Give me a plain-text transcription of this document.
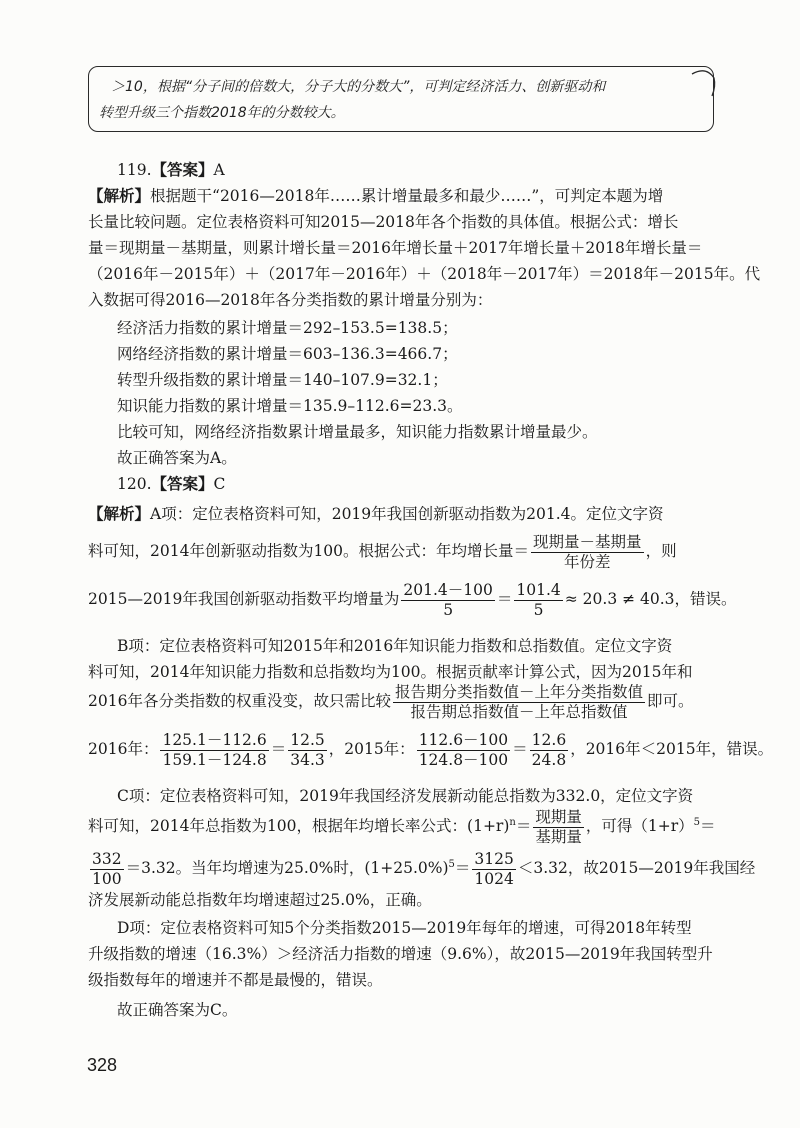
＞10，根据“分子间的倍数大，分子大的分数大”，可判定经济活力、创新驱动和
转型升级三个指数2018年的分数较大。
119.【答案】A
【解析】根据题干“2016—2018年……累计增量最多和最少……”，可判定本题为增
长量比较问题。定位表格资料可知2015—2018年各个指数的具体值。根据公式：增长
量＝现期量－基期量，则累计增长量＝2016年增长量＋2017年增长量＋2018年增长量＝
（2016年－2015年）＋（2017年－2016年）＋（2018年－2017年）＝2018年－2015年。代
入数据可得2016—2018年各分类指数的累计增量分别为：
经济活力指数的累计增量＝292–153.5=138.5；
网络经济指数的累计增量＝603–136.3=466.7；
转型升级指数的累计增量＝140–107.9=32.1；
知识能力指数的累计增量＝135.9–112.6=23.3。
比较可知，网络经济指数累计增量最多，知识能力指数累计增量最少。
故正确答案为A。
120.【答案】C
【解析】A项：定位表格资料可知，2019年我国创新驱动指数为201.4。定位文字资
料可知，2014年创新驱动指数为100。根据公式：年均增长量＝ $\frac{\text{现期量－基期量}}{\text{年份差}}$ ，则
2015—2019年我国创新驱动指数平均增量为 $\frac{201.4-100}{5} = \frac{101.4}{5} \approx 20.3 \ne 40.3$，错误。
B项：定位表格资料可知2015年和2016年知识能力指数和总指数值。定位文字资
料可知，2014年知识能力指数和总指数均为100。根据贡献率计算公式，因为2015年和
2016年各分类指数的权重没变，故只需比较 $\frac{\text{报告期分类指数值－上年分类指数值}}{\text{报告期总指数值－上年总指数值}}$ 即可。
2016年： $\frac{125.1-112.6}{159.1-124.8} = \frac{12.5}{34.3}$ ，2015年： $\frac{112.6-100}{124.8-100} = \frac{12.6}{24.8}$ ，2016年＜2015年，错误。
C项：定位表格资料可知，2019年我国经济发展新动能总指数为332.0，定位文字资
料可知，2014年总指数为100，根据年均增长率公式：$(1+r)^n= \frac{\text{现期量}}{\text{基期量}}$ ，可得$(1+r)^5=$
$\frac{332}{100} =3.32$。当年均增速为25.0%时，$(1+25.0\%)^5= \frac{3125}{1024} <3.32$，故2015—2019年我国经
济发展新动能总指数年均增速超过25.0%，正确。
D项：定位表格资料可知5个分类指数2015—2019年每年的增速，可得2018年转型
升级指数的增速（16.3%）＞经济活力指数的增速（9.6%），故2015—2019年我国转型升
级指数每年的增速并不都是最慢的，错误。
故正确答案为C。
328
